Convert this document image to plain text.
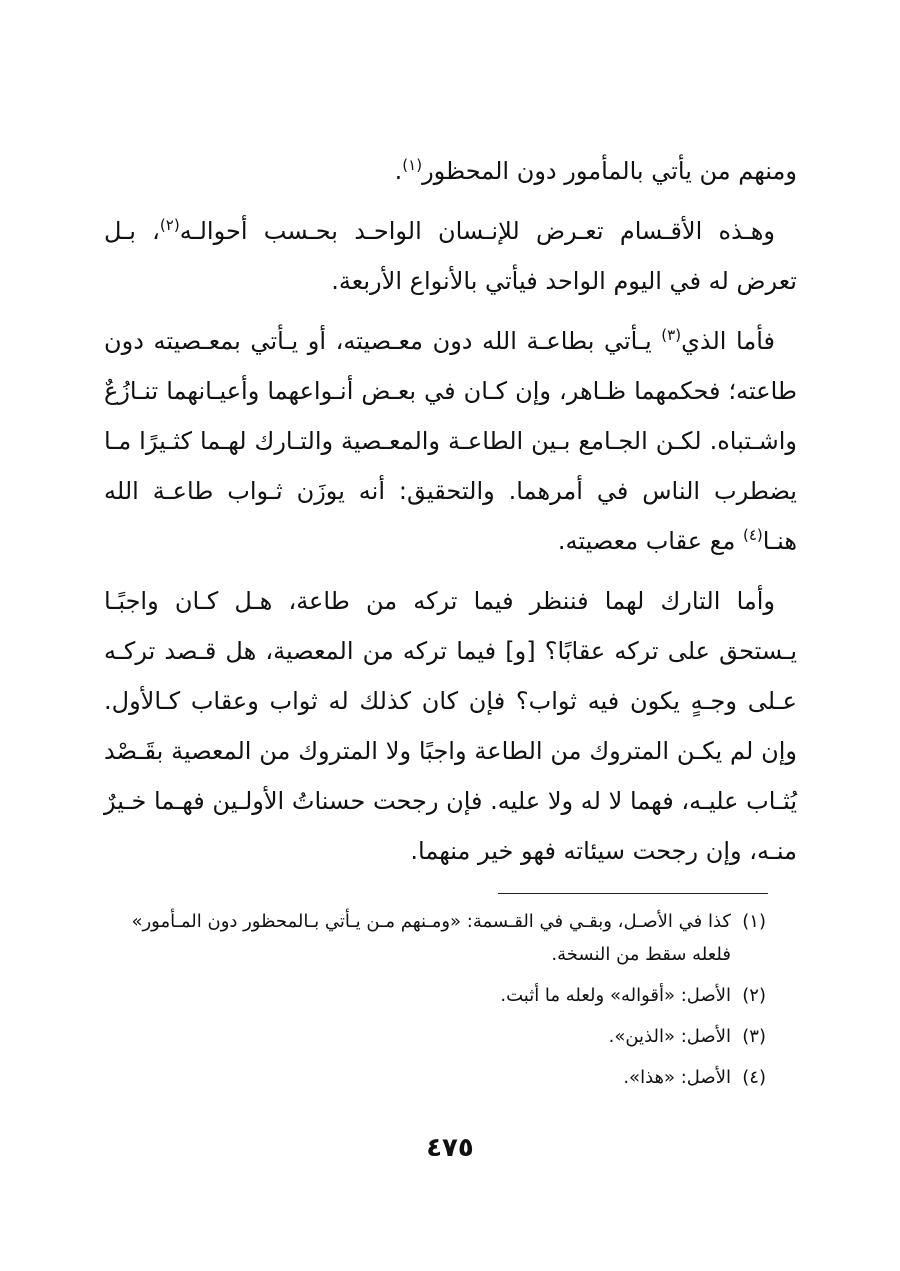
ومنهم من يأتي بالمأمور دون المحظور$^{(١)}$.

وهـذه الأقـسام تعـرض للإنـسان الواحـد بحـسب أحوالـه$^{(٢)}$، بـل تعرض له في اليوم الواحد فيأتي بالأنواع الأربعة.

فأما الذي$^{(٣)}$ يـأتي بطاعـة الله دون معـصيته، أو يـأتي بمعـصيته دون طاعته؛ فحكمهما ظـاهر، وإن كـان في بعـض أنـواعهما وأعيـانهما تنـازُعٌ واشـتباه. لكـن الجـامع بـين الطاعـة والمعـصية والتـارك لهـما كثـيرًا مـا يضطرب الناس في أمرهما. والتحقيق: أنه يوزَن ثـواب طاعـة الله هنـا$^{(٤)}$ مع عقاب معصيته.

وأما التارك لهما فننظر فيما تركه من طاعة، هـل كـان واجبًـا يـستحق على تركه عقابًا؟ [و] فيما تركه من المعصية، هل قـصد تركـه عـلى وجـهٍ يكون فيه ثواب؟ فإن كان كذلك له ثواب وعقاب كـالأول. وإن لم يكـن المتروك من الطاعة واجبًا ولا المتروك من المعصية بقَـصْد يُثـاب عليـه، فهما لا له ولا عليه. فإن رجحت حسناتُ الأولـين فهـما خـيرٌ منـه، وإن رجحت سيئاته فهو خير منهما.

(١)
كذا في الأصـل، وبقـي في القـسمة: «ومـنهم مـن يـأتي بـالمحظور دون المـأمور» فلعله سقط من النسخة.
(٢)
الأصل: «أقواله» ولعله ما أثبت.
(٣)
الأصل: «الذين».
(٤)
الأصل: «هذا».
٤٧٥
